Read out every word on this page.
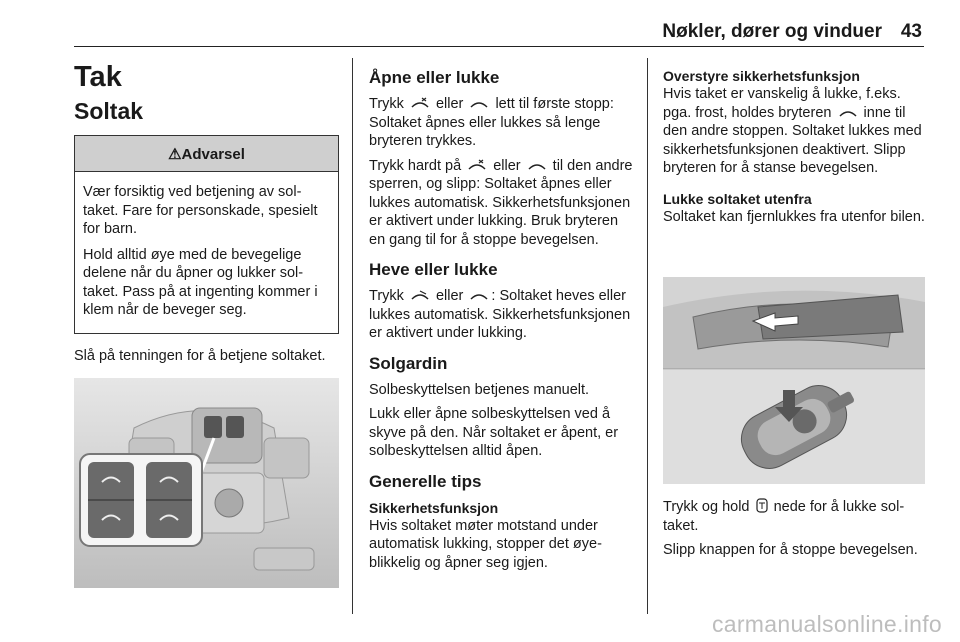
Nøkler, dører og vinduer 43
Tak
Soltak
⚠Advarsel

Vær forsiktig ved betjening av soltaket. Fare for personskade, spesielt for barn.

Hold alltid øye med de bevegelige delene når du åpner og lukker soltaket. Pass på at ingenting kommer i klem når de beveger seg.

Slå på tenningen for å betjene soltaket.

Åpne eller lukke

Trykk eller lett til første stopp: Soltaket åpnes eller lukkes så lenge bryteren trykkes.

Trykk hardt på eller til den andre sperren, og slipp: Soltaket åpnes eller lukkes automatisk. Sikkerhetsfunksjonen er aktivert under lukking. Bruk bryteren en gang til for å stoppe bevegelsen.

Heve eller lukke

Trykk eller : Soltaket heves eller lukkes automatisk. Sikkerhetsfunksjonen er aktivert under lukking.

Solgardin

Solbeskyttelsen betjenes manuelt.

Lukk eller åpne solbeskyttelsen ved å skyve på den. Når soltaket er åpent, er solbeskyttelsen alltid åpen.

Generelle tips
Sikkerhetsfunksjon

Hvis soltaket møter motstand under automatisk lukking, stopper det øyeblikkelig og åpner seg igjen.

Overstyre sikkerhetsfunksjon

Hvis taket er vanskelig å lukke, f.eks. pga. frost, holdes bryteren inne til den andre stoppen. Soltaket lukkes med sikkerhetsfunksjonen deaktivert. Slipp bryteren for å stanse bevegelsen.

Lukke soltaket utenfra

Soltaket kan fjernlukkes fra utenfor bilen.

Trykk og hold nede for å lukke soltaket.

Slipp knappen for å stoppe bevegelsen.

carmanualsonline.info
